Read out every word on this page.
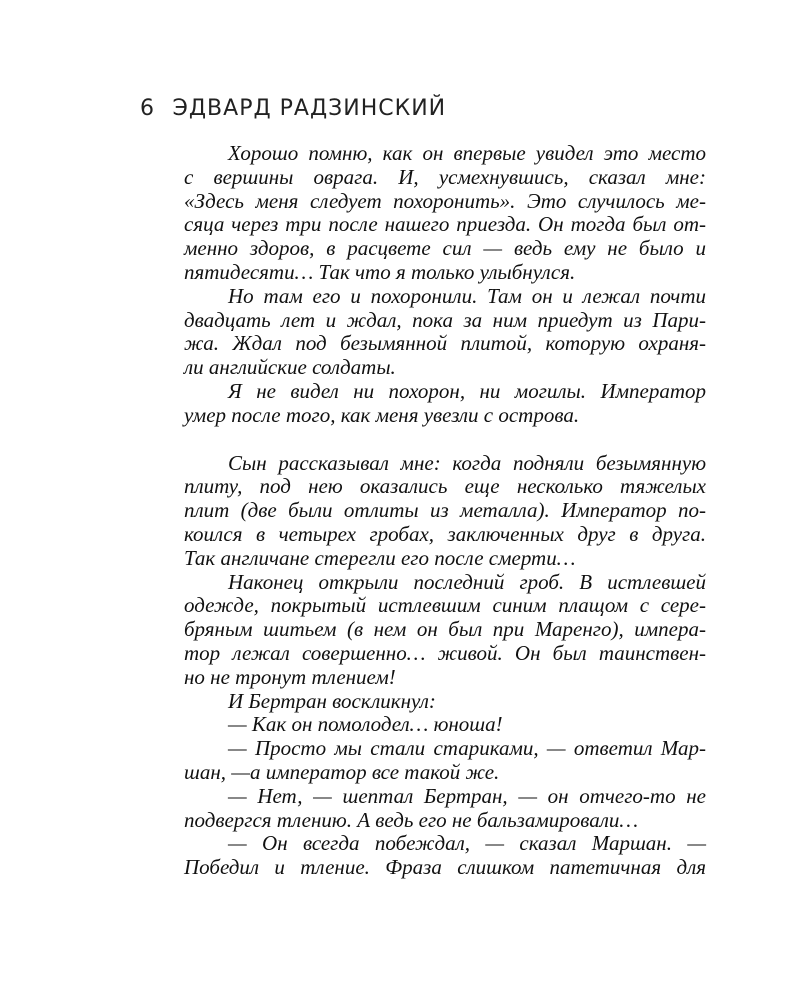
6 ЭДВАРД РАДЗИНСКИЙ
Хорошо помню, как он впервые увидел это место
с вершины оврага. И, усмехнувшись, сказал мне:
«Здесь меня следует похоронить». Это случилось ме-
сяца через три после нашего приезда. Он тогда был от-
менно здоров, в расцвете сил — ведь ему не было и
пятидесяти… Так что я только улыбнулся.
Но там его и похоронили. Там он и лежал почти
двадцать лет и ждал, пока за ним приедут из Пари-
жа. Ждал под безымянной плитой, которую охраня-
ли английские солдаты.
Я не видел ни похорон, ни могилы. Император
умер после того, как меня увезли с острова.
Сын рассказывал мне: когда подняли безымянную
плиту, под нею оказались еще несколько тяжелых
плит (две были отлиты из металла). Император по-
коился в четырех гробах, заключенных друг в друга.
Так англичане стерегли его после смерти…
Наконец открыли последний гроб. В истлевшей
одежде, покрытый истлевшим синим плащом с сере-
бряным шитьем (в нем он был при Маренго), импера-
тор лежал совершенно… живой. Он был таинствен-
но не тронут тлением!
И Бертран воскликнул:
— Как он помолодел… юноша!
— Просто мы стали стариками, — ответил Мар-
шан, —а император все такой же.
— Нет, — шептал Бертран, — он отчего-то не
подвергся тлению. А ведь его не бальзамировали…
— Он всегда побеждал, — сказал Маршан. —
Победил и тление. Фраза слишком патетичная для
